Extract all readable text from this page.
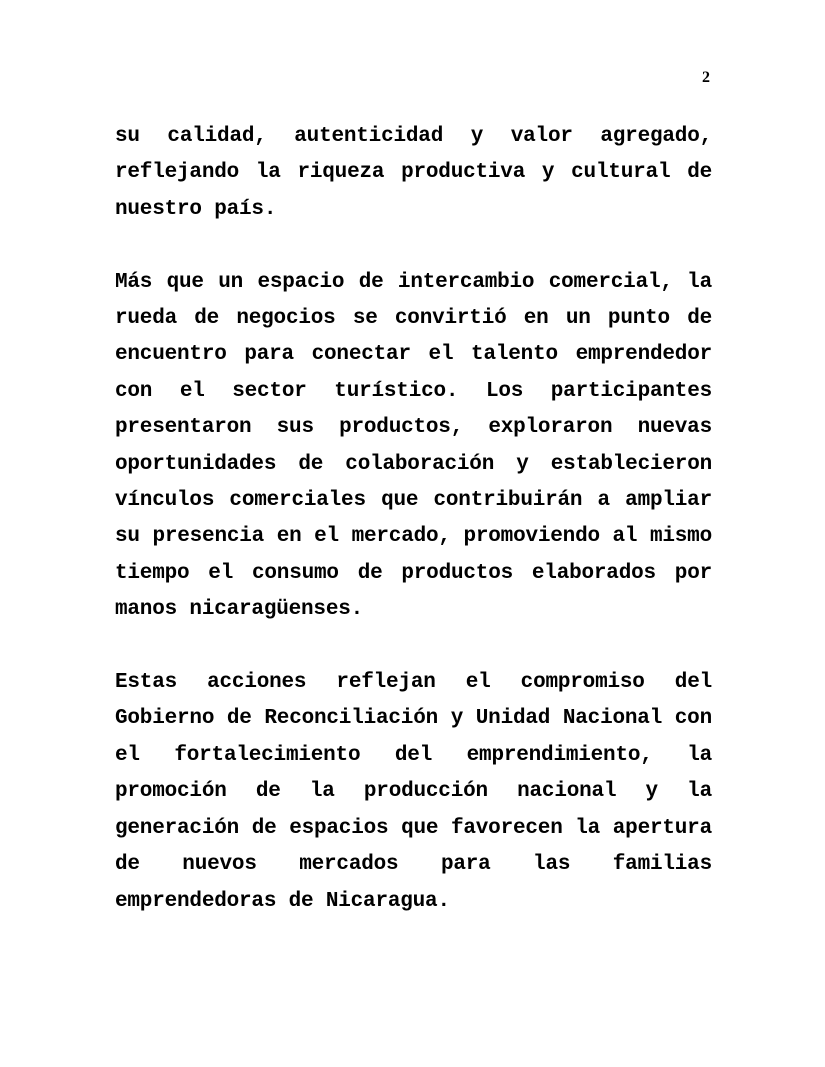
2

su calidad, autenticidad y valor agregado, reflejando la riqueza productiva y cultural de nuestro país.

Más que un espacio de intercambio comercial, la rueda de negocios se convirtió en un punto de encuentro para conectar el talento emprendedor con el sector turístico. Los participantes presentaron sus productos, exploraron nuevas oportunidades de colaboración y establecieron vínculos comerciales que contribuirán a ampliar su presencia en el mercado, promoviendo al mismo tiempo el consumo de productos elaborados por manos nicaragüenses.

Estas acciones reflejan el compromiso del Gobierno de Reconciliación y Unidad Nacional con el fortalecimiento del emprendimiento, la promoción de la producción nacional y la generación de espacios que favorecen la apertura de nuevos mercados para las familias emprendedoras de Nicaragua.
